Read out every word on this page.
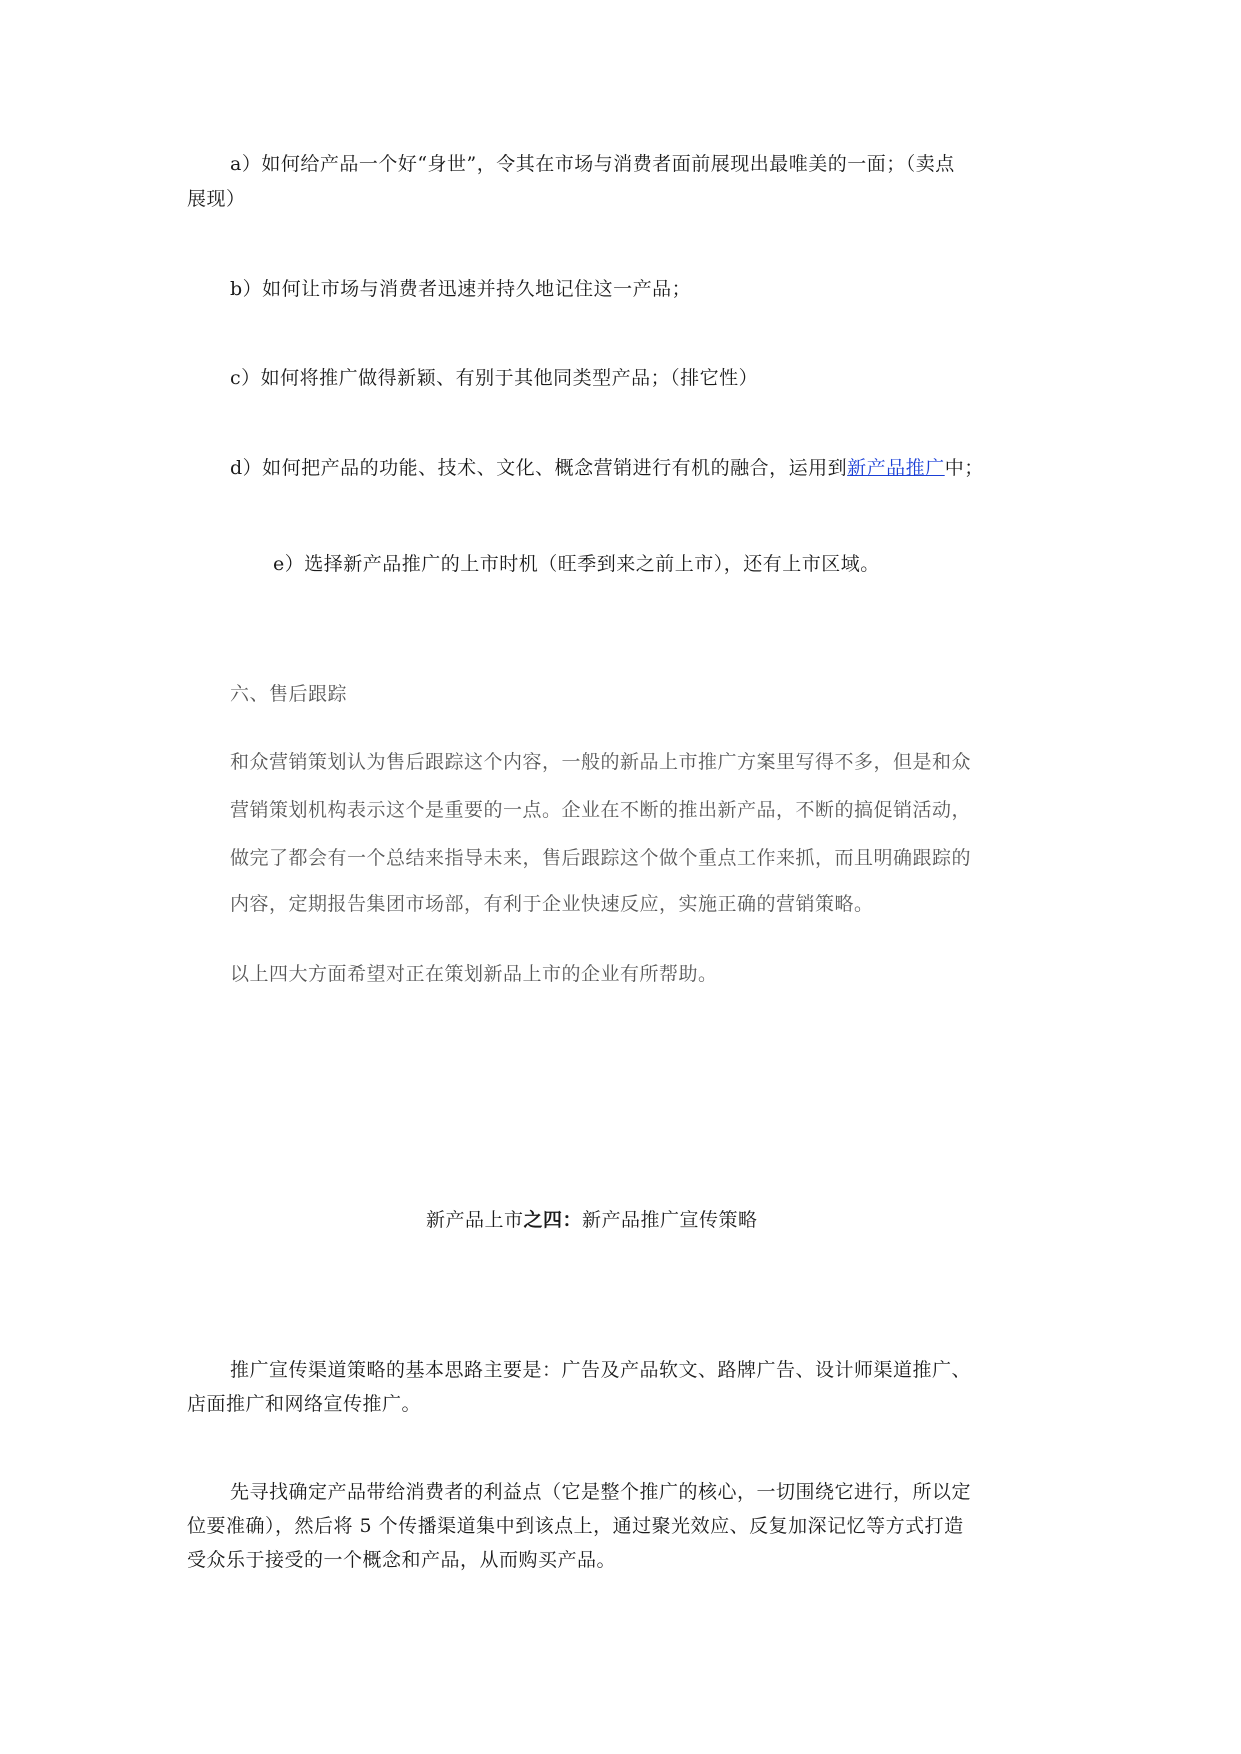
a）如何给产品一个好“身世”，令其在市场与消费者面前展现出最唯美的一面；（卖点
展现）
b）如何让市场与消费者迅速并持久地记住这一产品；
c）如何将推广做得新颖、有别于其他同类型产品；（排它性）
d）如何把产品的功能、技术、文化、概念营销进行有机的融合，运用到新产品推广中；
e）选择新产品推广的上市时机（旺季到来之前上市），还有上市区域。
六、售后跟踪
和众营销策划认为售后跟踪这个内容，一般的新品上市推广方案里写得不多，但是和众
营销策划机构表示这个是重要的一点。企业在不断的推出新产品，不断的搞促销活动，
做完了都会有一个总结来指导未来，售后跟踪这个做个重点工作来抓，而且明确跟踪的
内容，定期报告集团市场部，有利于企业快速反应，实施正确的营销策略。
以上四大方面希望对正在策划新品上市的企业有所帮助。
新产品上市之四：新产品推广宣传策略
推广宣传渠道策略的基本思路主要是：广告及产品软文、路牌广告、设计师渠道推广、
店面推广和网络宣传推广。
先寻找确定产品带给消费者的利益点（它是整个推广的核心，一切围绕它进行，所以定
位要准确），然后将 5 个传播渠道集中到该点上，通过聚光效应、反复加深记忆等方式打造
受众乐于接受的一个概念和产品，从而购买产品。
